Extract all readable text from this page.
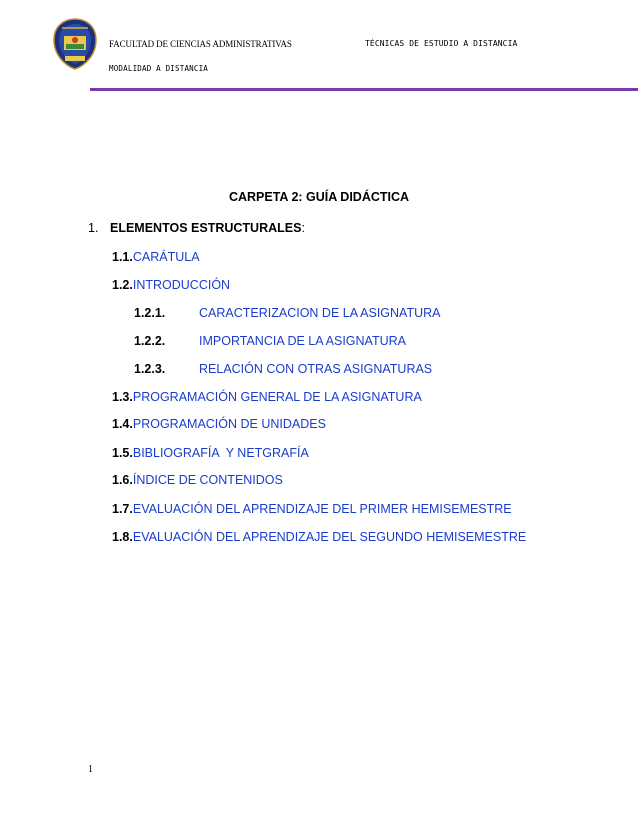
FACULTAD DE CIENCIAS ADMINISTRATIVAS	TÉCNICAS DE ESTUDIO A DISTANCIA
MODALIDAD A DISTANCIA
CARPETA 2: GUÍA DIDÁCTICA
1. ELEMENTOS ESTRUCTURALES:
1.1.CARÁTULA
1.2.INTRODUCCIÓN
1.2.1.	CARACTERIZACION DE LA ASIGNATURA
1.2.2.	IMPORTANCIA DE LA ASIGNATURA
1.2.3.	RELACIÓN CON OTRAS ASIGNATURAS
1.3.PROGRAMACIÓN GENERAL DE LA ASIGNATURA
1.4.PROGRAMACIÓN DE UNIDADES
1.5.BIBLIOGRAFÍA  Y NETGRAFÍA
1.6.ÍNDICE DE CONTENIDOS
1.7.EVALUACIÓN DEL APRENDIZAJE DEL PRIMER HEMISEMESTRE
1.8.EVALUACIÓN DEL APRENDIZAJE DEL SEGUNDO HEMISEMESTRE
1
